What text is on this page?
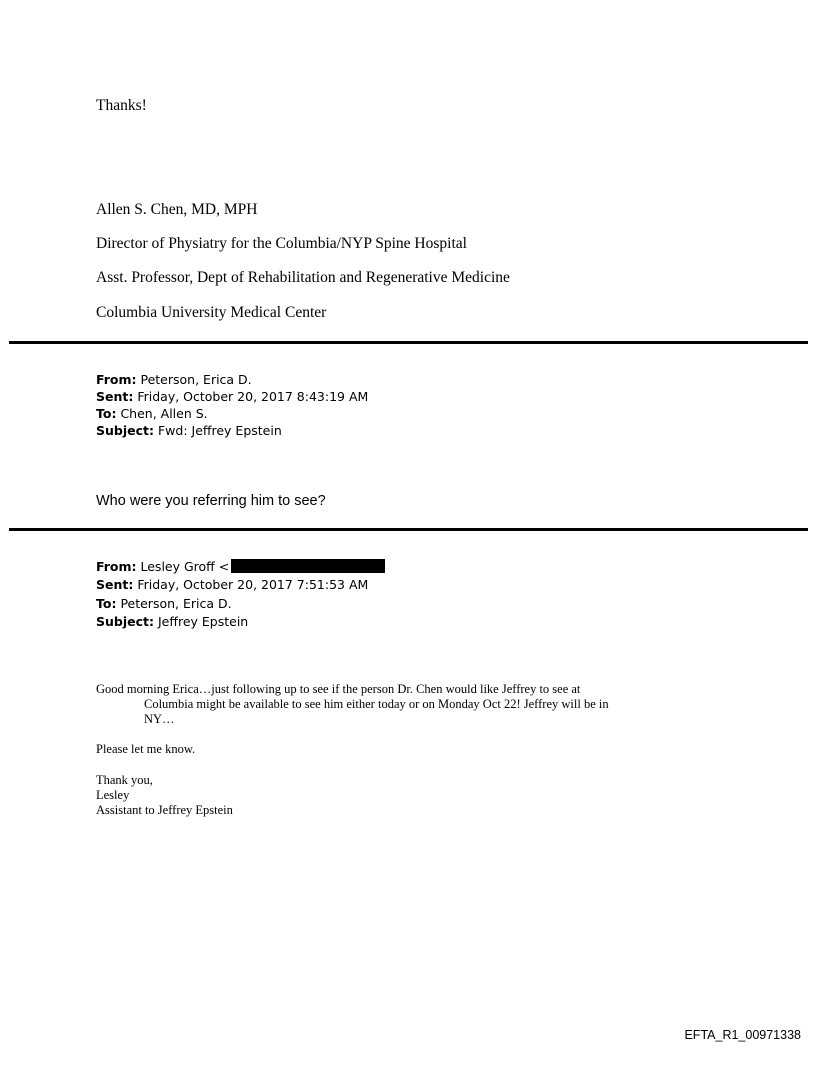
Thanks!
Allen S. Chen, MD, MPH
Director of Physiatry for the Columbia/NYP Spine Hospital
Asst. Professor, Dept of Rehabilitation and Regenerative Medicine
Columbia University Medical Center
From: Peterson, Erica D.
Sent: Friday, October 20, 2017 8:43:19 AM
To: Chen, Allen S.
Subject: Fwd: Jeffrey Epstein
Who were you referring him to see?
From: Lesley Groff <
Sent: Friday, October 20, 2017 7:51:53 AM
To: Peterson, Erica D.
Subject: Jeffrey Epstein
Good morning Erica…just following up to see if the person Dr. Chen would like Jeffrey to see at
Columbia might be available to see him either today or on Monday Oct 22! Jeffrey will be in
NY…
Please let me know.
Thank you,
Lesley
Assistant to Jeffrey Epstein
EFTA_R1_00971338
